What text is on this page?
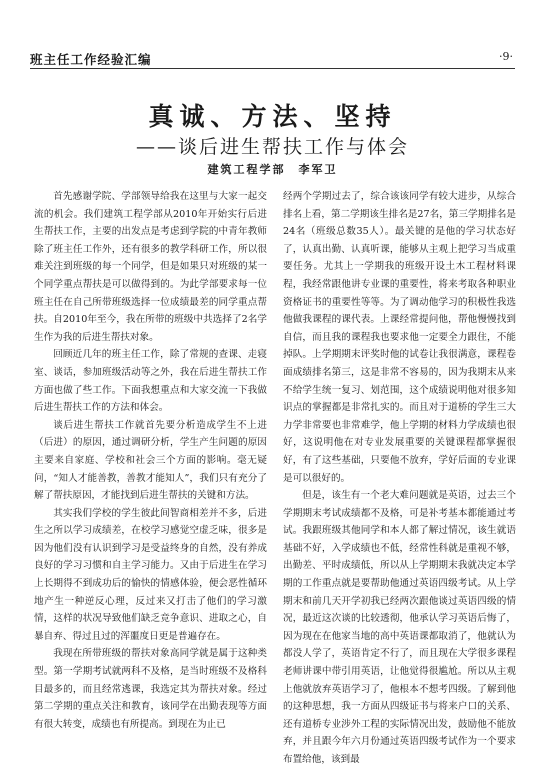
班主任工作经验汇编	·9·
真诚、方法、坚持
——谈后进生帮扶工作与体会
建筑工程学部　李军卫

首先感谢学院、学部领导给我在这里与大家一起交流的机会。我们建筑工程学部从2010年开始实行后进生帮扶工作，主要的出发点是考虑到学院的中青年教师除了班主任工作外，还有很多的教学科研工作，所以很难关注到班级的每一个同学，但是如果只对班级的某一个同学重点帮扶是可以做得到的。为此学部要求每一位班主任在自己所带班级选择一位成绩最差的同学重点帮扶。自2010年至今，我在所带的班级中共选择了2名学生作为我的后进生帮扶对象。

回顾近几年的班主任工作，除了常规的查课、走寝室、谈话，参加班级活动等之外，我在后进生帮扶工作方面也做了些工作。下面我想重点和大家交流一下我做后进生帮扶工作的方法和体会。

谈后进生帮扶工作就首先要分析造成学生不上进（后进）的原因，通过调研分析，学生产生问题的原因主要来自家庭、学校和社会三个方面的影响。毫无疑问，“知人才能善教，善教才能知人”，我们只有充分了解了帮扶原因，才能找到后进生帮扶的关键和方法。

其实我们学校的学生彼此间智商相差并不多，后进生之所以学习成绩差，在校学习感觉空虚乏味，很多是因为他们没有认识到学习是受益终身的自然，没有养成良好的学习习惯和自主学习能力。又由于后进生在学习上长期得不到成功后的愉快的情感体验，便会恶性循环地产生一种逆反心理，反过来又打击了他们的学习激情，这样的状况导致他们缺乏竞争意识、进取之心，自暴自弃、得过且过的浑噩度日更是普遍存在。

我现在所带班级的帮扶对象高同学就是属于这种类型。第一学期考试就两科不及格，是当时班级不及格科目最多的，而且经常逃课，我选定其为帮扶对象。经过第二学期的重点关注和教育，该同学在出勤表现等方面有很大转变，成绩也有所提高。到现在为止已

经两个学期过去了，综合该该同学有较大进步，从综合排名上看，第二学期该生排名是27名，第三学期排名是24名（班级总数35人）。最关键的是他的学习状态好了，认真出勤、认真听课，能够从主观上把学习当成重要任务。尤其上一学期我的班级开设土木工程材料课程，我经常跟他讲专业课的重要性，将来考取各种职业资格证书的重要性等等。为了调动他学习的积极性我选他做我课程的课代表。上课经常提问他，帮他慢慢找到自信，而且我的课程我也要求他一定要全力跟住，不能掉队。上学期期末评奖时他的试卷让我很满意，课程卷面成绩排名第三，这是非常不容易的，因为我期末从来不给学生统一复习、划范围，这个成绩说明他对很多知识点的掌握都是非常扎实的。而且对于道桥的学生三大力学非常要也非常难学，他上学期的材料力学成绩也很好，这说明他在对专业发展重要的关键课程都掌握很好，有了这些基础，只要他不放弃，学好后面的专业课是可以很好的。

但是，该生有一个老大难问题就是英语，过去三个学期期末考试成绩都不及格，可是补考基本都能通过考试。我跟班级其他同学和本人都了解过情况，该生就语基础不好，入学成绩也不低，经常性科就是重视不够，出勤差、平时成绩低，所以从上学期期末我就决定本学期的工作重点就是要帮助他通过英语四级考试。从上学期末和前几天开学初我已经两次跟他谈过英语四级的情况，最近这次谈的比较透彻，他承认学习英语后悔了，因为现在在他家当地的高中英语课都取消了，他就认为都没人学了，英语肯定不行了，而且现在大学很多课程老师讲课中带引用英语，让他觉得很尴尬。所以从主观上他就放弃英语学习了，他根本不想考四级。了解到他的这种思想，我一方面从四级证书与将来户口的关系、还有道桥专业涉外工程的实际情况出发，鼓励他不能放弃，并且跟今年六月份通过英语四级考试作为一个要求布置给他，该到最
